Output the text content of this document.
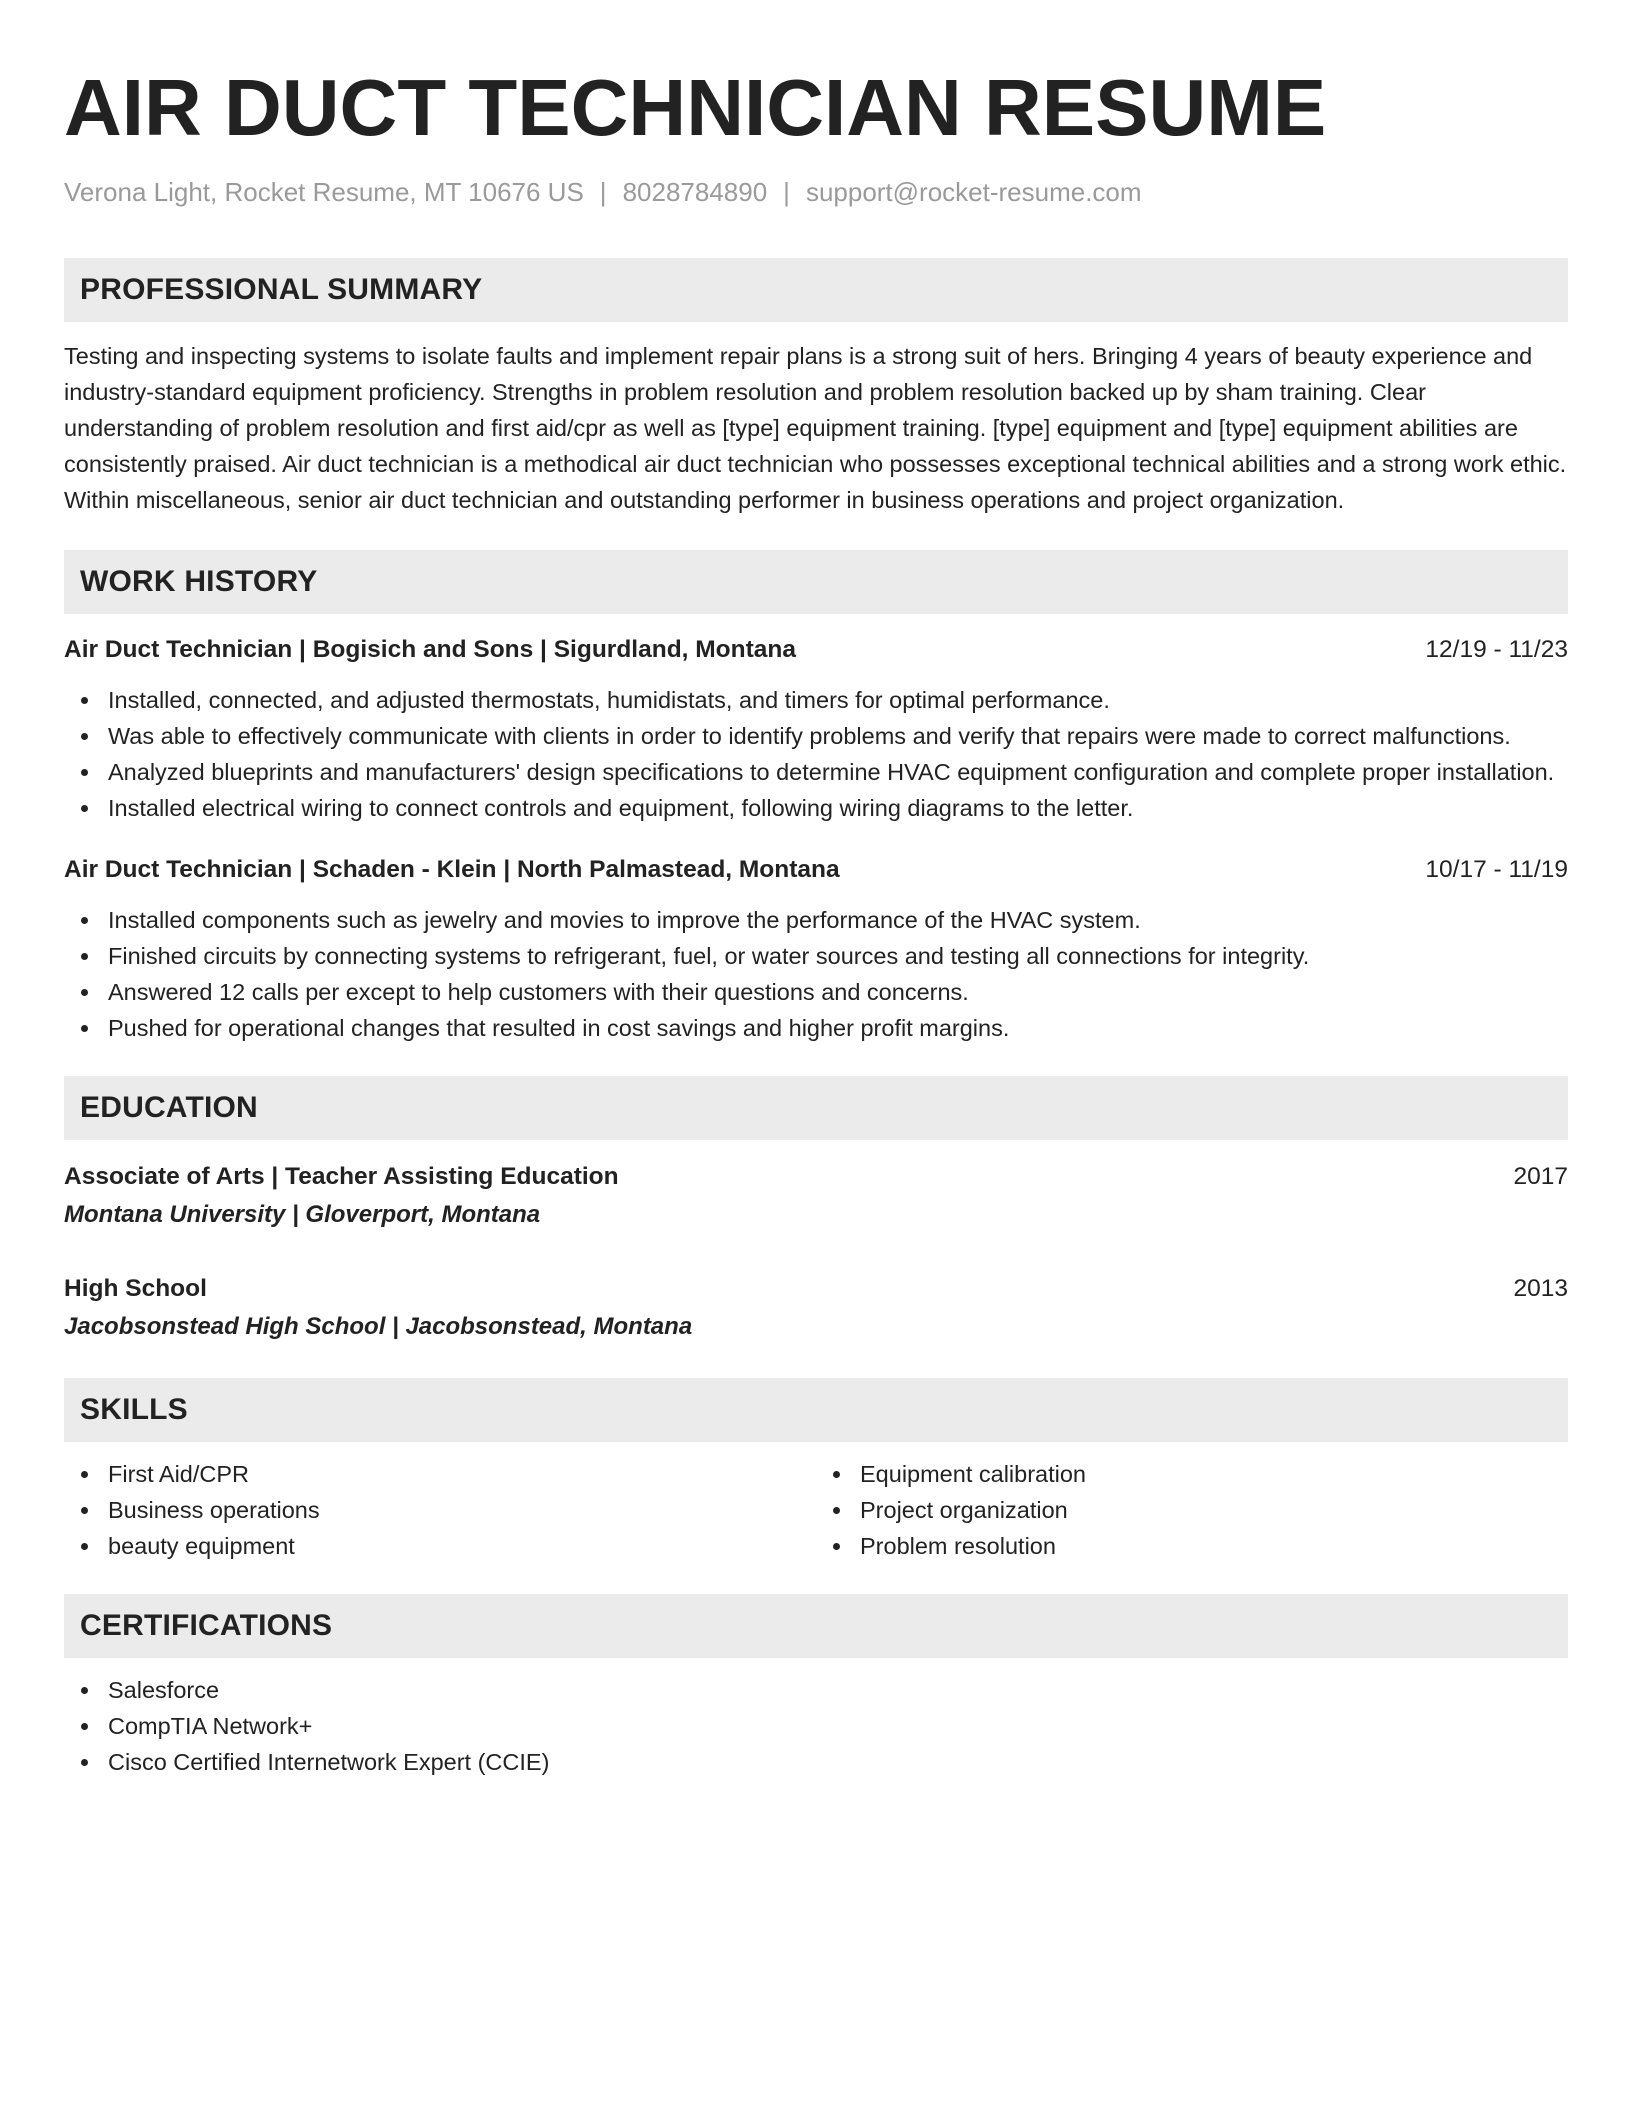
AIR DUCT TECHNICIAN RESUME
Verona Light, Rocket Resume, MT 10676 US | 8028784890 | support@rocket-resume.com
PROFESSIONAL SUMMARY

Testing and inspecting systems to isolate faults and implement repair plans is a strong suit of hers. Bringing 4 years of beauty experience and industry-standard equipment proficiency. Strengths in problem resolution and problem resolution backed up by sham training. Clear understanding of problem resolution and first aid/cpr as well as [type] equipment training. [type] equipment and [type] equipment abilities are consistently praised. Air duct technician is a methodical air duct technician who possesses exceptional technical abilities and a strong work ethic. Within miscellaneous, senior air duct technician and outstanding performer in business operations and project organization.

WORK HISTORY
Air Duct Technician | Bogisich and Sons | Sigurdland, Montana	12/19 - 11/23
Installed, connected, and adjusted thermostats, humidistats, and timers for optimal performance.
Was able to effectively communicate with clients in order to identify problems and verify that repairs were made to correct malfunctions.
Analyzed blueprints and manufacturers' design specifications to determine HVAC equipment configuration and complete proper installation.
Installed electrical wiring to connect controls and equipment, following wiring diagrams to the letter.
Air Duct Technician | Schaden - Klein | North Palmastead, Montana	10/17 - 11/19
Installed components such as jewelry and movies to improve the performance of the HVAC system.
Finished circuits by connecting systems to refrigerant, fuel, or water sources and testing all connections for integrity.
Answered 12 calls per except to help customers with their questions and concerns.
Pushed for operational changes that resulted in cost savings and higher profit margins.
EDUCATION
Associate of Arts | Teacher Assisting Education	2017
Montana University | Gloverport, Montana
High School	2013
Jacobsonstead High School | Jacobsonstead, Montana
SKILLS
First Aid/CPR
Business operations
beauty equipment
Equipment calibration
Project organization
Problem resolution
CERTIFICATIONS
Salesforce
CompTIA Network+
Cisco Certified Internetwork Expert (CCIE)
